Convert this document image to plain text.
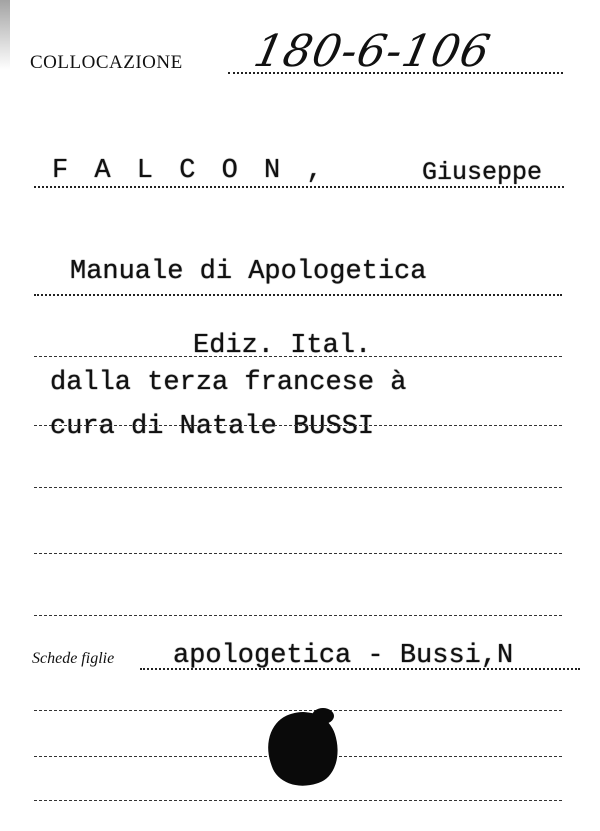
COLLOCAZIONE 180-6-106
F A L C O N ,	Giuseppe
Manuale di Apologetica
Ediz. Ital.
dalla terza francese à
cura di Natale BUSSI
Schede figlie apologetica - Bussi,N
